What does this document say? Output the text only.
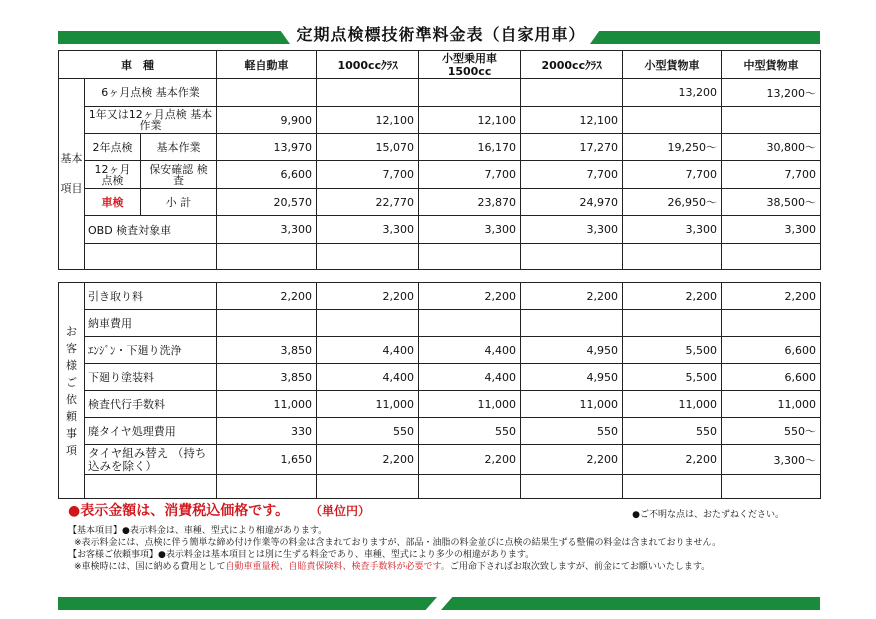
定期点検標技術準料金表（自家用車）
車　種			軽自動車	1000ccｸﾗｽ	小型乗用車 1500cc	2000ccｸﾗｽ	小型貨物車	中型貨物車
基本項目	6ヶ月点検 基本作業						13,200	13,200〜
	1年又は12ヶ月点検 基本作業		9,900	12,100	12,100	12,100		
	2年点検	基本作業	13,970	15,070	16,170	17,270	19,250〜	30,800〜
	12ヶ月 点検	保安確認 検査	6,600	7,700	7,700	7,700	7,700	7,700
	車検	小 計	20,570	22,770	23,870	24,970	26,950〜	38,500〜
	OBD 検査対象車		3,300	3,300	3,300	3,300	3,300	3,300

お客様ご依頼事項	引き取り料	2,200	2,200	2,200	2,200	2,200	2,200
	納車費用						
	ｴﾝｼﾞﾝ・下廻り洗浄	3,850	4,400	4,400	4,950	5,500	6,600
	下廻り塗装料	3,850	4,400	4,400	4,950	5,500	6,600
	検査代行手数料	11,000	11,000	11,000	11,000	11,000	11,000
	廃タイヤ処理費用	330	550	550	550	550	550〜
	タイヤ組み替え （持ち込みを除く）	1,650	2,200	2,200	2,200	2,200	3,300〜

●表示金額は、消費税込価格です。 （単位円）	●ご不明な点は、おたずねください。
【基本項目】●表示料金は、車種、型式により相違があります。
※表示料金には、点検に伴う簡単な締め付け作業等の料金は含まれておりますが、部品・油脂の料金並びに点検の結果生ずる整備の料金は含まれておりません。
【お客様ご依頼事項】●表示料金は基本項目とは別に生ずる料金であり、車種、型式により多少の相違があります。
※車検時には、国に納める費用として自動車重量税、自賠責保険料、検査手数料が必要です。ご用命下さればお取次致しますが、前金にてお願いいたします。
